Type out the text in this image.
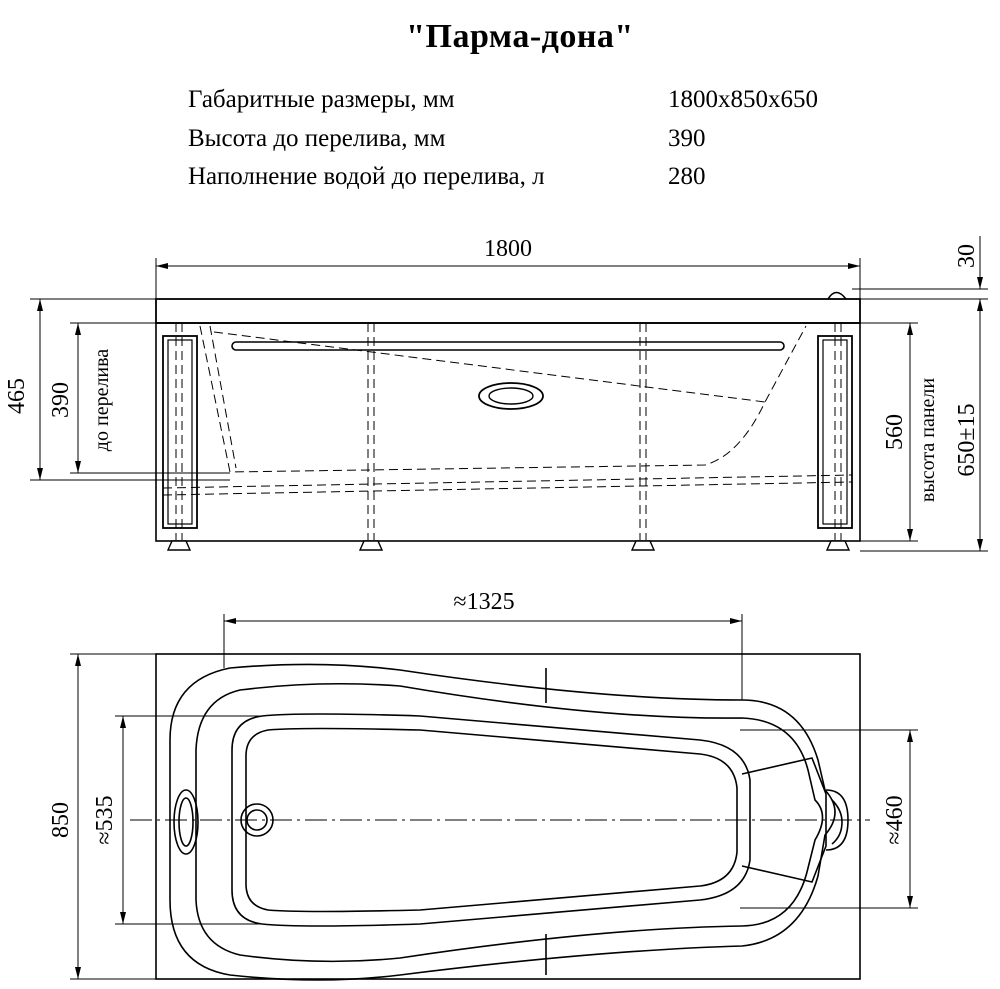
"Парма-дона"
Габаритные размеры, мм	1800х850х650
Высота до перелива, мм	390
Наполнение водой до перелива, л	280
1800	30
465 390 до перелива	560 высота панели 650±15
≈1325
850 ≈535	≈460
